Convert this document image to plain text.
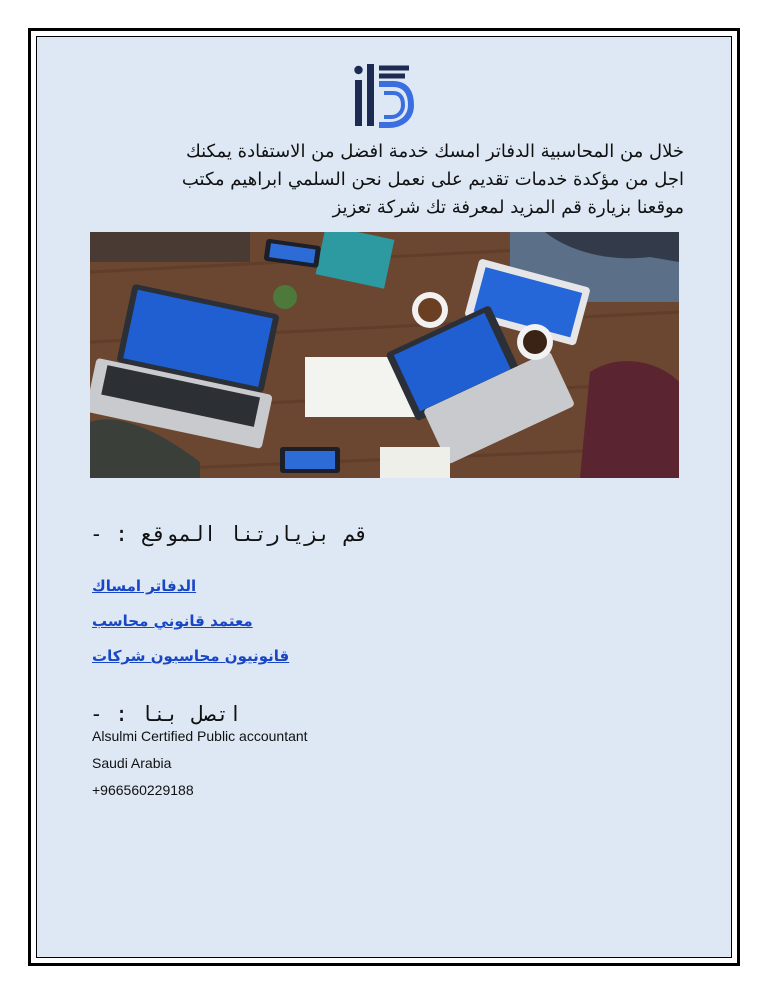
خلال من المحاسبية الدفاتر امسك خدمة افضل من الاستفادة يمكنك

اجل من مؤكدة خدمات تقديم على نعمل نحن السلمي ابراهيم مكتب

موقعنا بزيارة قم المزيد لمعرفة تك شركة تعزيز

قم بزيارتنا الموقع : -
الدفاتر امساك
معتمد قانوني محاسب
قانونيون محاسبون شركات
اتصل بنا : -
Alsulmi Certified Public accountant
Saudi Arabia
+966560229188
